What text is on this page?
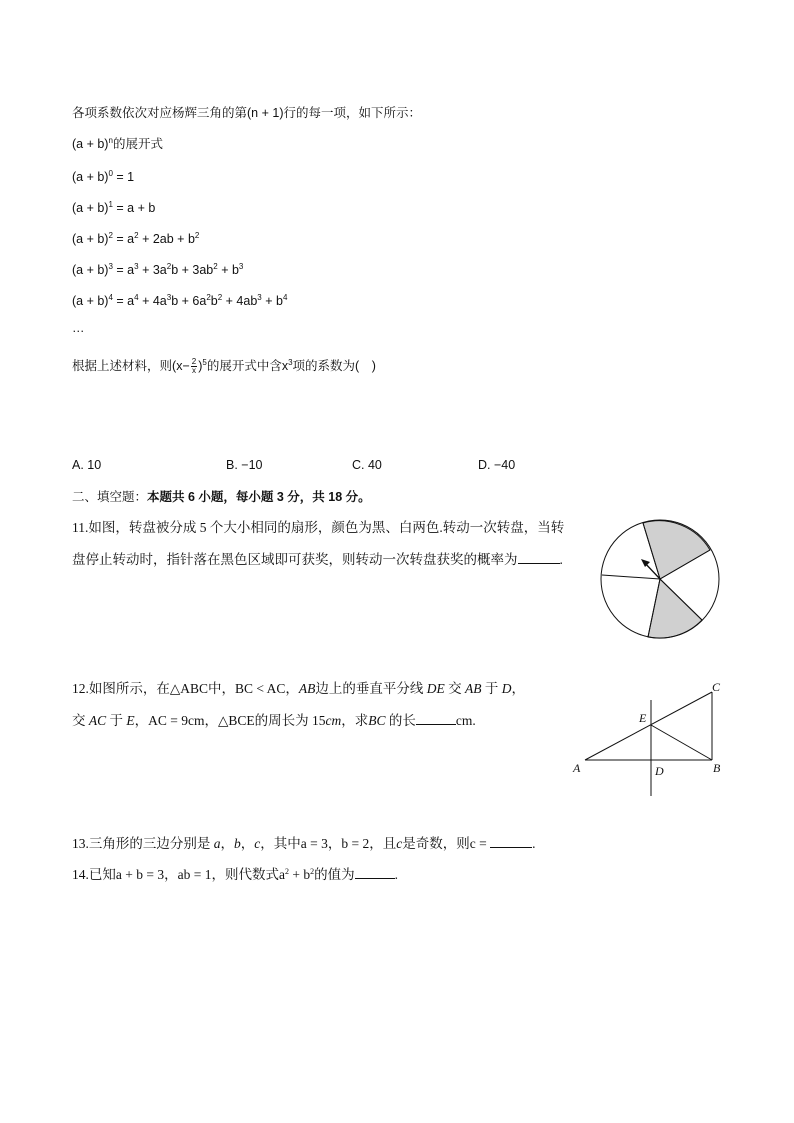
各项系数依次对应杨辉三角的第(n + 1)行的每一项，如下所示：
$(a + b)^n$的展开式
$(a + b)^0 = 1$
$(a + b)^1 = a + b$
$(a + b)^2 = a^2 + 2ab + b^2$
$(a + b)^3 = a^3 + 3a^2b + 3ab^2 + b^3$
$(a + b)^4 = a^4 + 4a^3b + 6a^2b^2 + 4ab^3 + b^4$
…
根据上述材料，则$(x- \frac{2}{x} )^5$的展开式中含$x^3$项的系数为(　)
A. 10	B. −10	C. 40	D. −40
二、填空题：本题共 6 小题，每小题 3 分，共 18 分。
11.如图，转盘被分成 5 个大小相同的扇形，颜色为黑、白两色.转动一次转盘，当转
盘停止转动时，指针落在黑色区域即可获奖，则转动一次转盘获奖的概率为	.
12.如图所示，在△ABC中，BC < AC，AB边上的垂直平分线 DE 交 AB 于 D，
交 AC 于 E，AC = 9cm，△BCE的周长为 15cm，求BC 的长	cm.
A	B
C
D
E
13.三角形的三边分别是 a，b，c，其中a = 3，b = 2，且c是奇数，则c =	.
14.已知a + b = 3，ab = 1，则代数式$a^2 + b^2$的值为	.
